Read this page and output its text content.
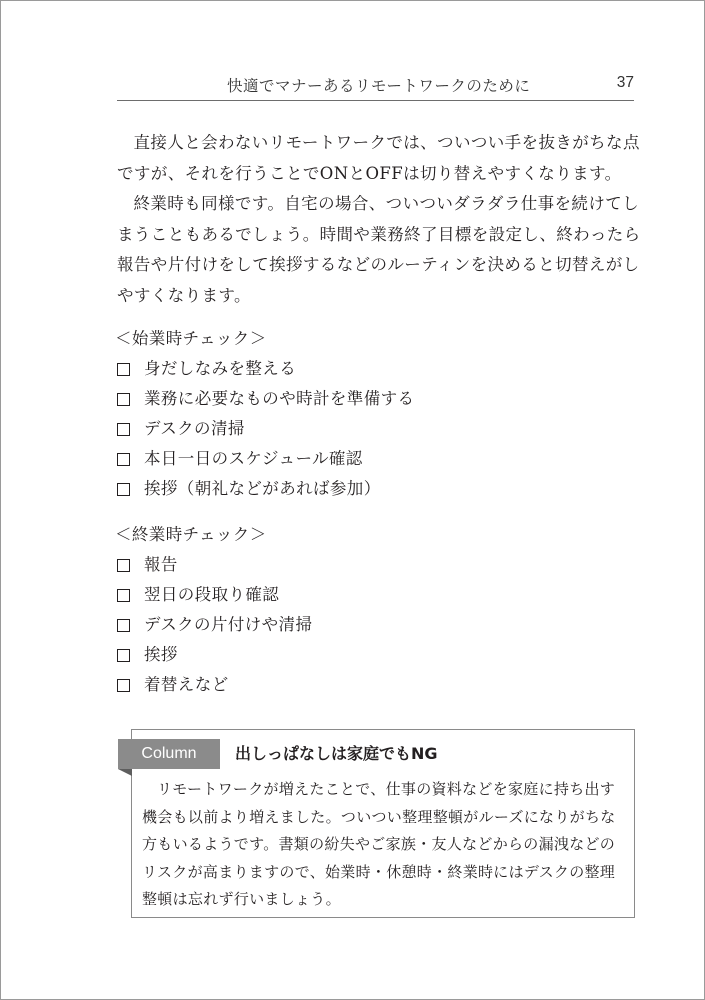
快適でマナーあるリモートワークのために	37

直接人と会わないリモートワークでは、ついつい手を抜きがちな点ですが、それを行うことでONとOFFは切り替えやすくなります。

終業時も同様です。自宅の場合、ついついダラダラ仕事を続けてしまうこともあるでしょう。時間や業務終了目標を設定し、終わったら報告や片付けをして挨拶するなどのルーティンを決めると切替えがしやすくなります。

＜始業時チェック＞
身だしなみを整える
業務に必要なものや時計を準備する
デスクの清掃
本日一日のスケジュール確認
挨拶（朝礼などがあれば参加）
＜終業時チェック＞
報告
翌日の段取り確認
デスクの片付けや清掃
挨拶
着替えなど
Column	出しっぱなしは家庭でもNG

リモートワークが増えたことで、仕事の資料などを家庭に持ち出す機会も以前より増えました。ついつい整理整頓がルーズになりがちな方もいるようです。書類の紛失やご家族・友人などからの漏洩などのリスクが高まりますので、始業時・休憩時・終業時にはデスクの整理整頓は忘れず行いましょう。
